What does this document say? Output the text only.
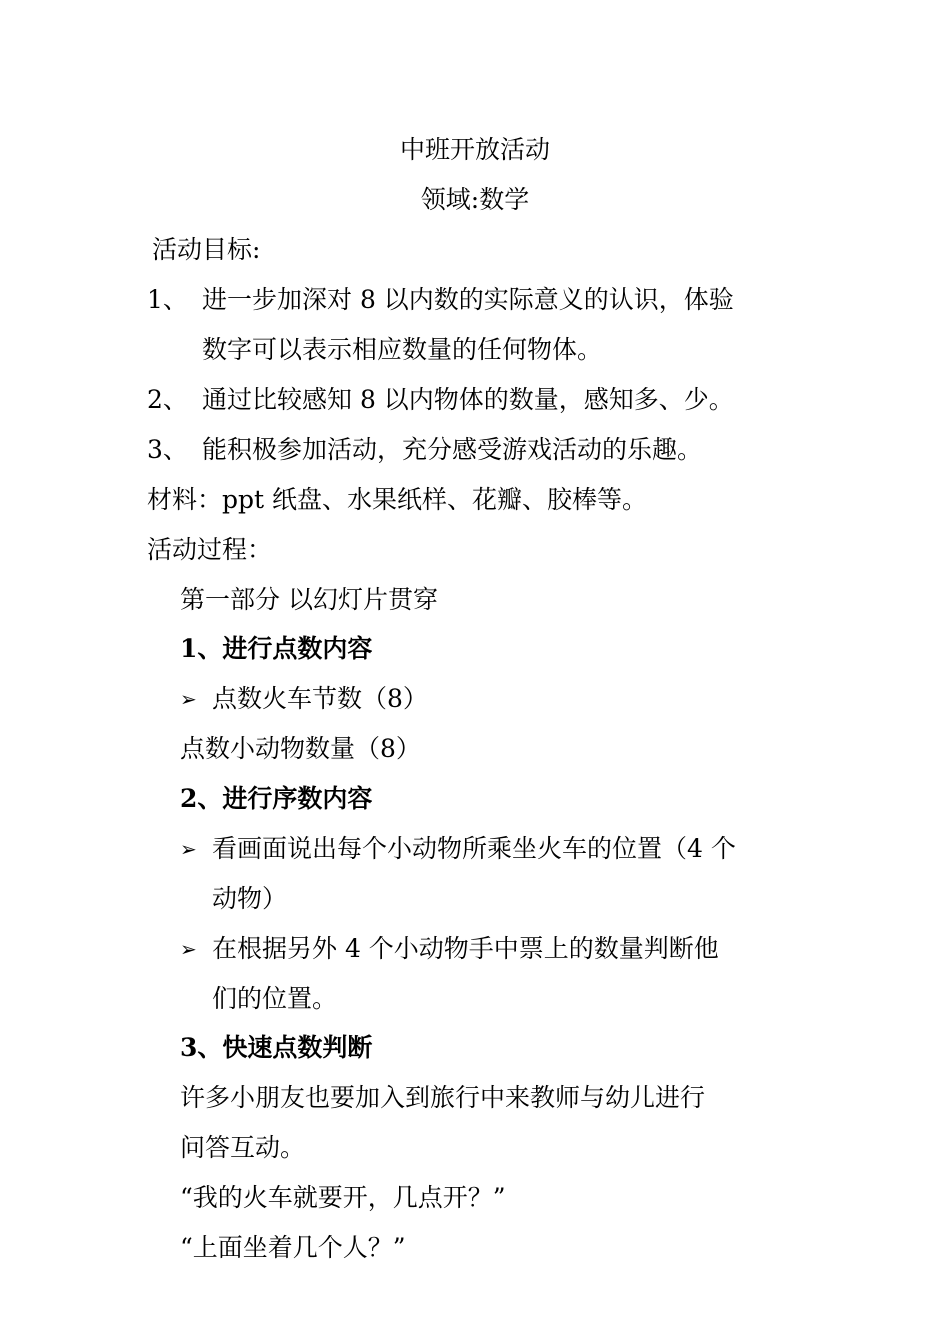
中班开放活动
领域:数学
活动目标:
1、 进一步加深对 8 以内数的实际意义的认识，体验
数字可以表示相应数量的任何物体。
2、 通过比较感知 8 以内物体的数量，感知多、少。
3、 能积极参加活动，充分感受游戏活动的乐趣。
材料：ppt 纸盘、水果纸样、花瓣、胶棒等。
活动过程：
第一部分 以幻灯片贯穿
1、进行点数内容
➢ 点数火车节数（8）
点数小动物数量（8）
2、进行序数内容
➢ 看画面说出每个小动物所乘坐火车的位置（4 个
动物）
➢ 在根据另外 4 个小动物手中票上的数量判断他
们的位置。
3、快速点数判断
许多小朋友也要加入到旅行中来教师与幼儿进行
问答互动。
“我的火车就要开，几点开？”
“上面坐着几个人？”
